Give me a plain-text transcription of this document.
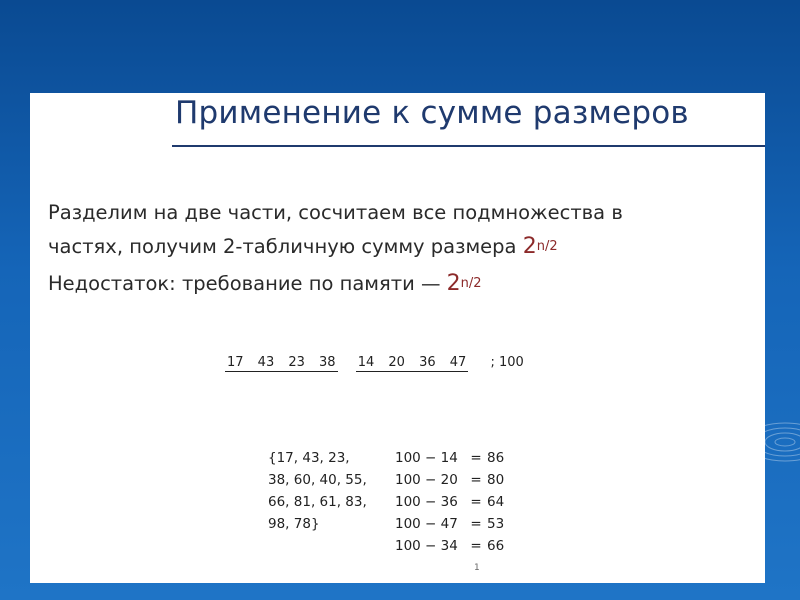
Применение к сумме размеров
Разделим на две части, сосчитаем все подмножества в
частях, получим 2-табличную сумму размера $2^{n/2}$
Недостаток: требование по памяти — $2^{n/2}$
17 43 23 38 14 20 36 47 ; 100
{17, 43, 23,
38, 60, 40, 55,
66, 81, 61, 83,
98, 78}
100 − 14 = 86
100 − 20 = 80
100 − 36 = 64
100 − 47 = 53
100 − 34 = 66
1
